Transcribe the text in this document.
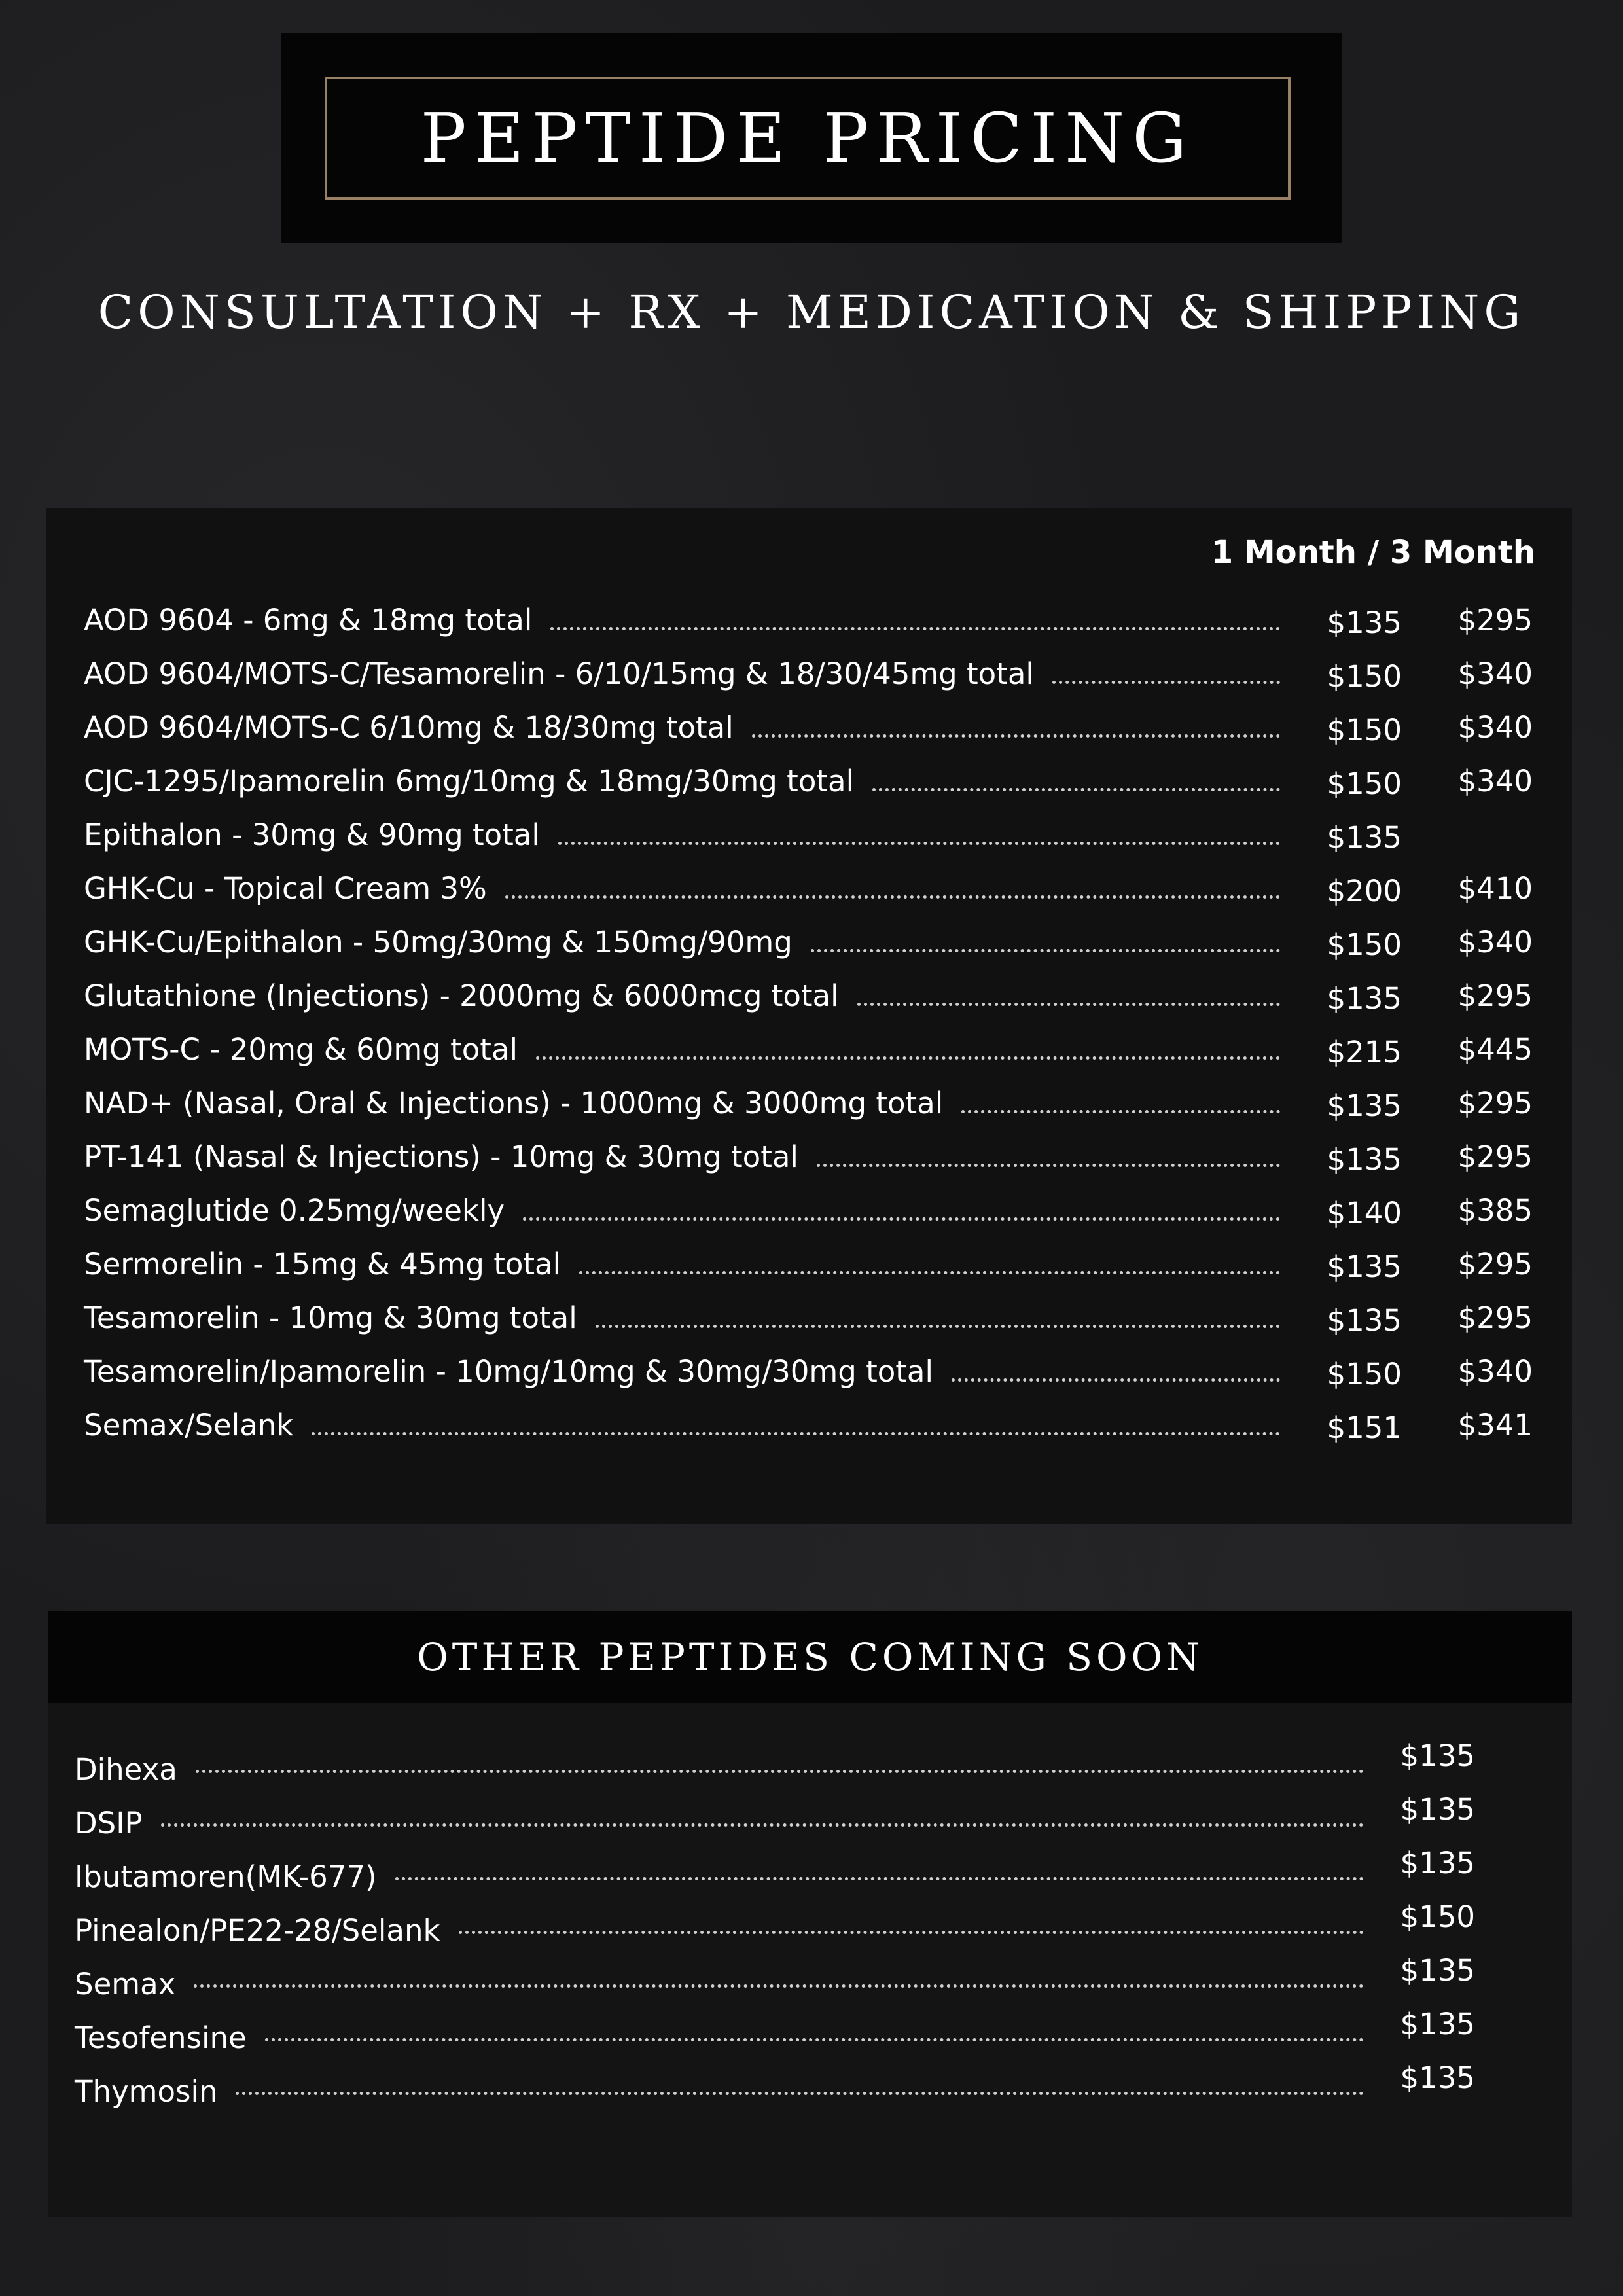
PEPTIDE PRICING
CONSULTATION + RX + MEDICATION & SHIPPING
1 Month / 3 Month
AOD 9604 - 6mg & 18mg total	$135	$295
AOD 9604/MOTS-C/Tesamorelin - 6/10/15mg & 18/30/45mg total	$150	$340
AOD 9604/MOTS-C 6/10mg & 18/30mg total	$150	$340
CJC-1295/Ipamorelin 6mg/10mg & 18mg/30mg total	$150	$340
Epithalon - 30mg & 90mg total	$135
GHK-Cu - Topical Cream 3%	$200	$410
GHK-Cu/Epithalon - 50mg/30mg & 150mg/90mg	$150	$340
Glutathione (Injections) - 2000mg & 6000mcg total	$135	$295
MOTS-C - 20mg & 60mg total	$215	$445
NAD+ (Nasal, Oral & Injections) - 1000mg & 3000mg total	$135	$295
PT-141 (Nasal & Injections) - 10mg & 30mg total	$135	$295
Semaglutide 0.25mg/weekly	$140	$385
Sermorelin - 15mg & 45mg total	$135	$295
Tesamorelin - 10mg & 30mg total	$135	$295
Tesamorelin/Ipamorelin - 10mg/10mg & 30mg/30mg total	$150	$340
Semax/Selank	$151	$341
OTHER PEPTIDES COMING SOON
Dihexa	$135
DSIP	$135
Ibutamoren(MK-677)	$135
Pinealon/PE22-28/Selank	$150
Semax	$135
Tesofensine	$135
Thymosin	$135
